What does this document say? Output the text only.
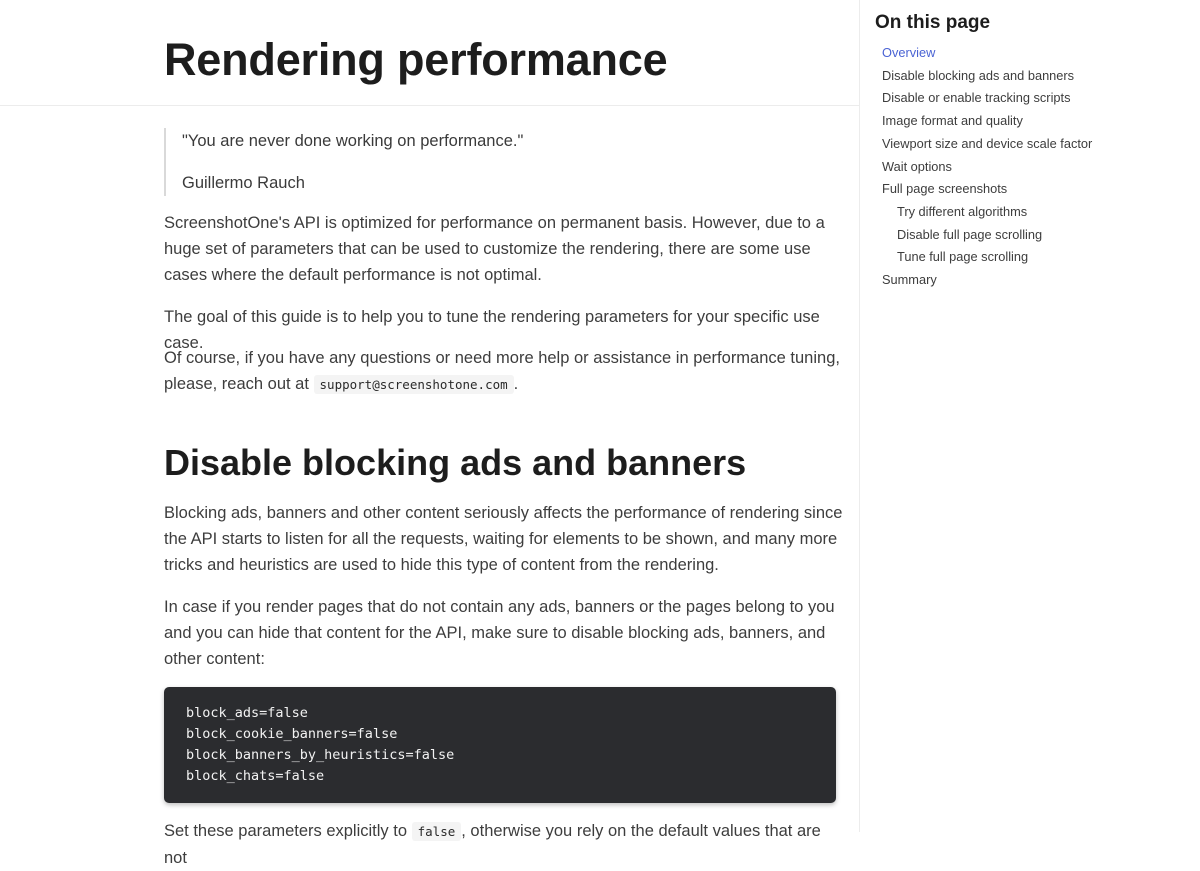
Rendering performance

"You are never done working on performance."

Guillermo Rauch

ScreenshotOne's API is optimized for performance on permanent basis. However, due to a huge set of parameters that can be used to customize the rendering, there are some use cases where the default performance is not optimal.

The goal of this guide is to help you to tune the rendering parameters for your specific use case.

Of course, if you have any questions or need more help or assistance in performance tuning, please, reach out at support@screenshotone.com .

Disable blocking ads and banners

Blocking ads, banners and other content seriously affects the performance of rendering since the API starts to listen for all the requests, waiting for elements to be shown, and many more tricks and heuristics are used to hide this type of content from the rendering.

In case if you render pages that do not contain any ads, banners or the pages belong to you and you can hide that content for the API, make sure to disable blocking ads, banners, and other content:

block_ads=false
block_cookie_banners=false
block_banners_by_heuristics=false
block_chats=false

Set these parameters explicitly to false , otherwise you rely on the default values that are not

On this page
Overview
Disable blocking ads and banners
Disable or enable tracking scripts
Image format and quality
Viewport size and device scale factor
Wait options
Full page screenshots
Try different algorithms
Disable full page scrolling
Tune full page scrolling
Summary
